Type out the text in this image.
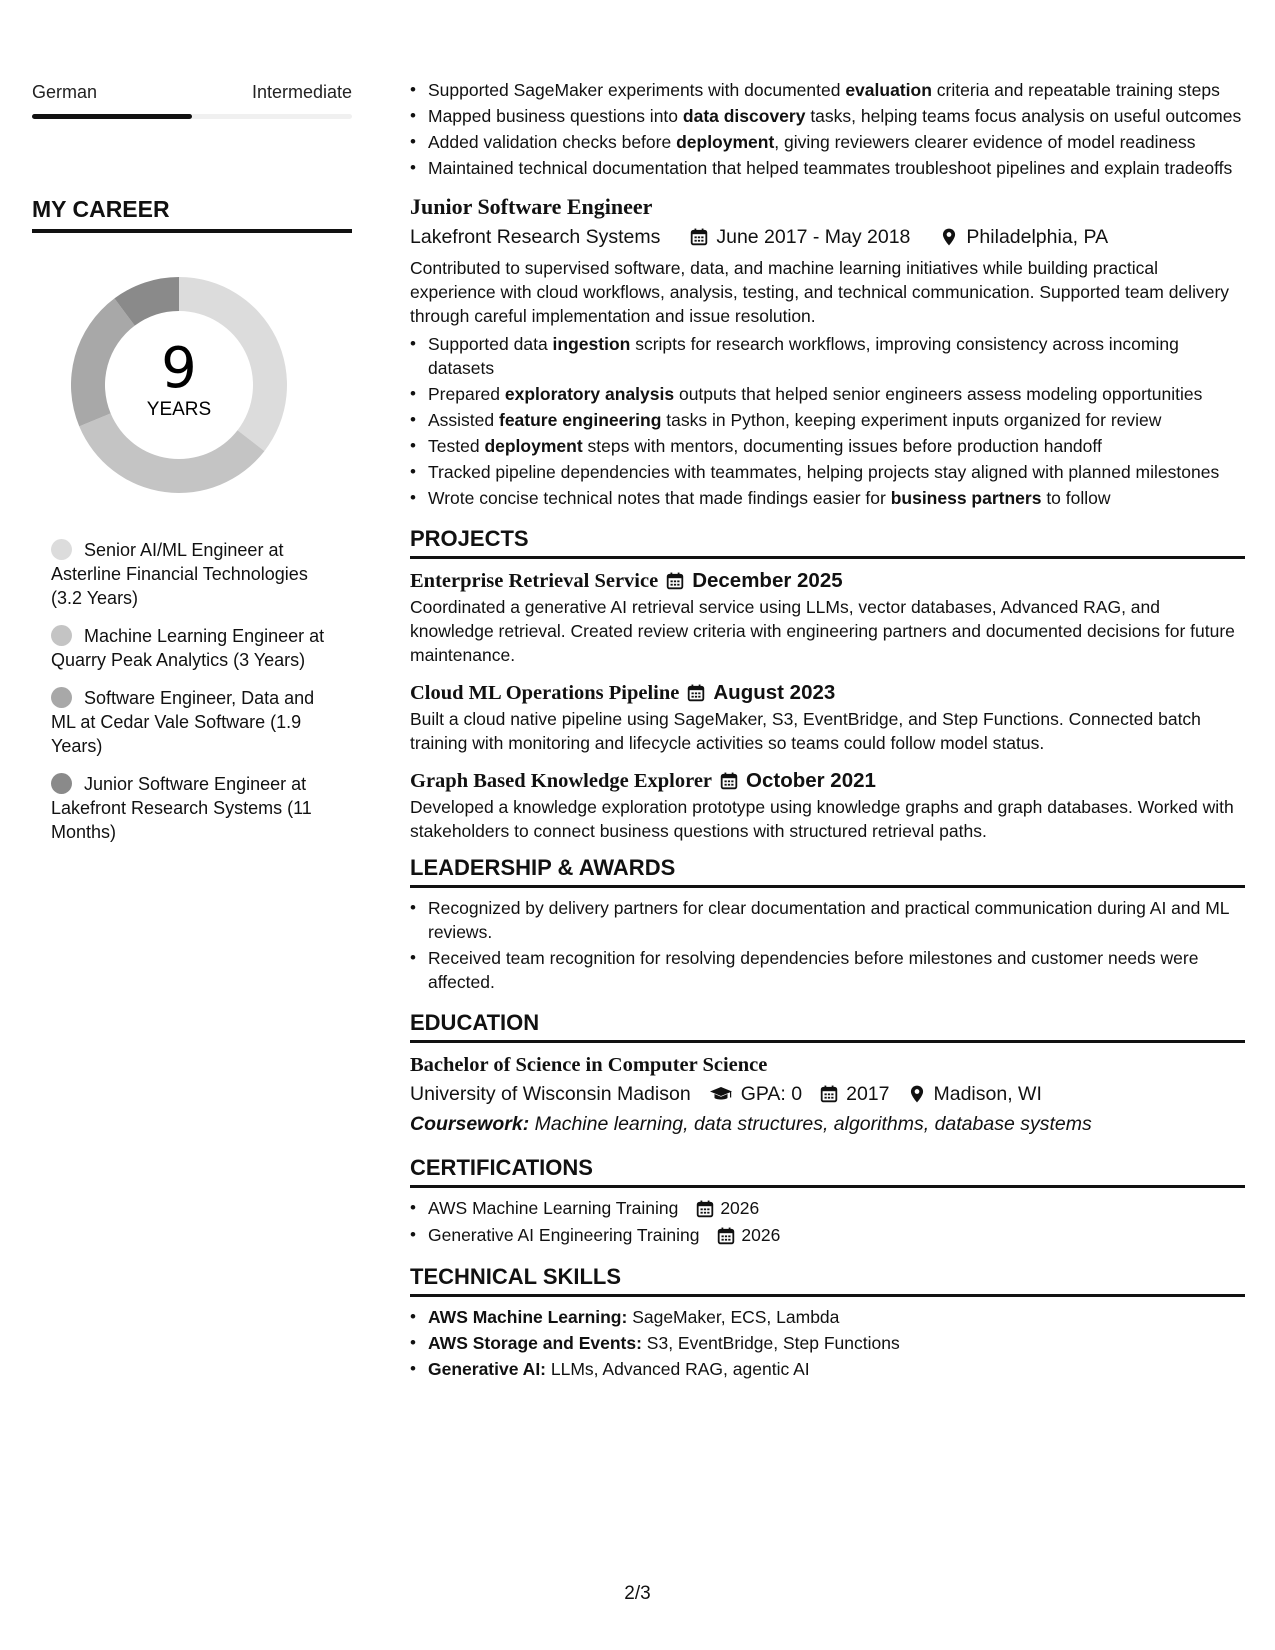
German	Intermediate
MY CAREER
9
YEARS
Senior AI/ML Engineer at Asterline Financial Technologies (3.2 Years)
Machine Learning Engineer at Quarry Peak Analytics (3 Years)
Software Engineer, Data and ML at Cedar Vale Software (1.9 Years)
Junior Software Engineer at Lakefront Research Systems (11 Months)
• Supported SageMaker experiments with documented evaluation criteria and repeatable training steps
• Mapped business questions into data discovery tasks, helping teams focus analysis on useful outcomes
• Added validation checks before deployment, giving reviewers clearer evidence of model readiness
• Maintained technical documentation that helped teammates troubleshoot pipelines and explain tradeoffs
Junior Software Engineer
Lakefront Research Systems	June 2017 - May 2018	Philadelphia, PA
Contributed to supervised software, data, and machine learning initiatives while building practical experience with cloud workflows, analysis, testing, and technical communication. Supported team delivery through careful implementation and issue resolution.
• Supported data ingestion scripts for research workflows, improving consistency across incoming datasets
• Prepared exploratory analysis outputs that helped senior engineers assess modeling opportunities
• Assisted feature engineering tasks in Python, keeping experiment inputs organized for review
• Tested deployment steps with mentors, documenting issues before production handoff
• Tracked pipeline dependencies with teammates, helping projects stay aligned with planned milestones
• Wrote concise technical notes that made findings easier for business partners to follow
PROJECTS
Enterprise Retrieval Service December 2025
Coordinated a generative AI retrieval service using LLMs, vector databases, Advanced RAG, and knowledge retrieval. Created review criteria with engineering partners and documented decisions for future maintenance.
Cloud ML Operations Pipeline August 2023
Built a cloud native pipeline using SageMaker, S3, EventBridge, and Step Functions. Connected batch training with monitoring and lifecycle activities so teams could follow model status.
Graph Based Knowledge Explorer October 2021
Developed a knowledge exploration prototype using knowledge graphs and graph databases. Worked with stakeholders to connect business questions with structured retrieval paths.
LEADERSHIP & AWARDS
• Recognized by delivery partners for clear documentation and practical communication during AI and ML reviews.
• Received team recognition for resolving dependencies before milestones and customer needs were affected.
EDUCATION
Bachelor of Science in Computer Science
University of Wisconsin Madison	GPA: 0 2017 Madison, WI
Coursework: Machine learning, data structures, algorithms, database systems
CERTIFICATIONS
• AWS Machine Learning Training 2026
• Generative AI Engineering Training 2026
TECHNICAL SKILLS
• AWS Machine Learning: SageMaker, ECS, Lambda
• AWS Storage and Events: S3, EventBridge, Step Functions
• Generative AI: LLMs, Advanced RAG, agentic AI
2/3
